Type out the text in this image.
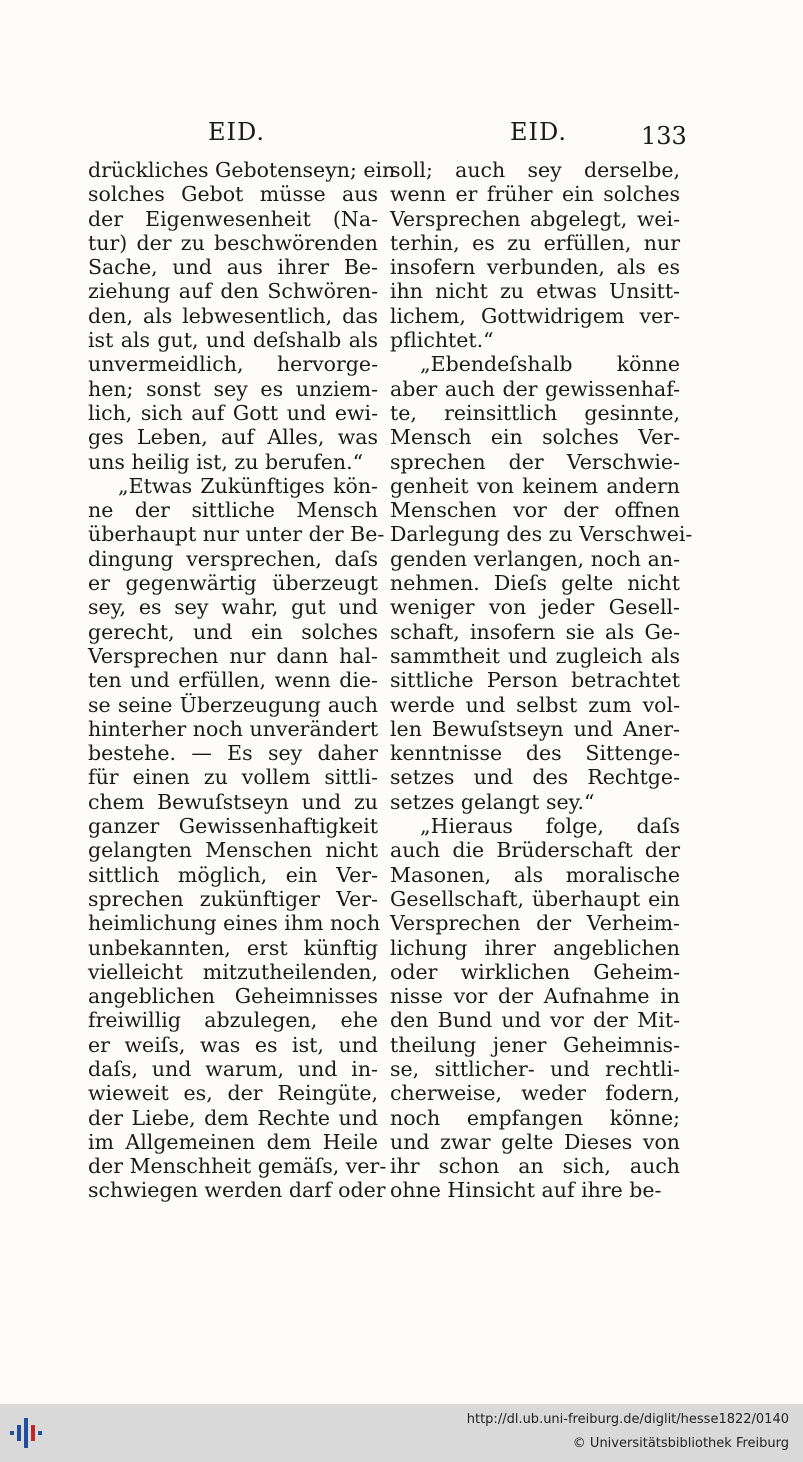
EID.	EID.	133
drückliches Gebotenseyn; ein
solches Gebot müsse aus
der Eigenwesenheit (Na-
tur) der zu beschwörenden
Sache, und aus ihrer Be-
ziehung auf den Schwören-
den, als lebwesentlich, das
ist als gut, und deſshalb als
unvermeidlich, hervorge-
hen; sonst sey es unziem-
lich, sich auf Gott und ewi-
ges Leben, auf Alles, was
uns heilig ist, zu berufen.“
„Etwas Zukünftiges kön-
ne der sittliche Mensch
überhaupt nur unter der Be-
dingung versprechen, daſs
er gegenwärtig überzeugt
sey, es sey wahr, gut und
gerecht, und ein solches
Versprechen nur dann hal-
ten und erfüllen, wenn die-
se seine Überzeugung auch
hinterher noch unverändert
bestehe. — Es sey daher
für einen zu vollem sittli-
chem Bewuſstseyn und zu
ganzer Gewissenhaftigkeit
gelangten Menschen nicht
sittlich möglich, ein Ver-
sprechen zukünftiger Ver-
heimlichung eines ihm noch
unbekannten, erst künftig
vielleicht mitzutheilenden,
angeblichen Geheimnisses
freiwillig abzulegen, ehe
er weiſs, was es ist, und
daſs, und warum, und in-
wieweit es, der Reingüte,
der Liebe, dem Rechte und
im Allgemeinen dem Heile
der Menschheit gemäſs, ver-
schwiegen werden darf oder
soll; auch sey derselbe,
wenn er früher ein solches
Versprechen abgelegt, wei-
terhin, es zu erfüllen, nur
insofern verbunden, als es
ihn nicht zu etwas Unsitt-
lichem, Gottwidrigem ver-
pflichtet.“
„Ebendeſshalb könne
aber auch der gewissenhaf-
te, reinsittlich gesinnte,
Mensch ein solches Ver-
sprechen der Verschwie-
genheit von keinem andern
Menschen vor der offnen
Darlegung des zu Verschwei-
genden verlangen, noch an-
nehmen. Dieſs gelte nicht
weniger von jeder Gesell-
schaft, insofern sie als Ge-
sammtheit und zugleich als
sittliche Person betrachtet
werde und selbst zum vol-
len Bewuſstseyn und Aner-
kenntnisse des Sittenge-
setzes und des Rechtge-
setzes gelangt sey.“
„Hieraus folge, daſs
auch die Brüderschaft der
Masonen, als moralische
Gesellschaft, überhaupt ein
Versprechen der Verheim-
lichung ihrer angeblichen
oder wirklichen Geheim-
nisse vor der Aufnahme in
den Bund und vor der Mit-
theilung jener Geheimnis-
se, sittlicher- und rechtli-
cherweise, weder fodern,
noch empfangen könne;
und zwar gelte Dieses von
ihr schon an sich, auch
ohne Hinsicht auf ihre be-
http://dl.ub.uni-freiburg.de/diglit/hesse1822/0140
© Universitätsbibliothek Freiburg
